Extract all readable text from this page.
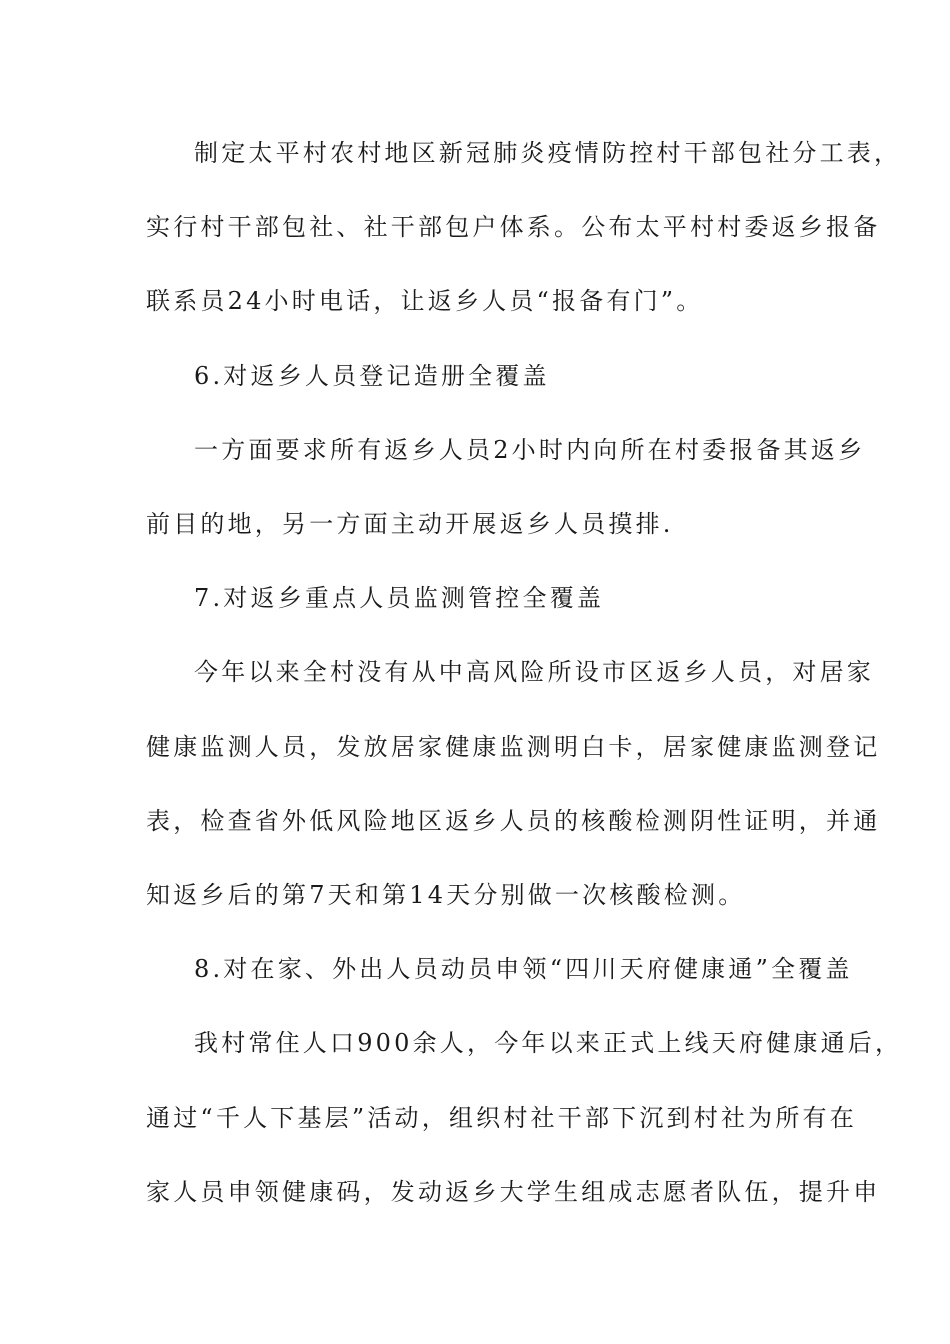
制定太平村农村地区新冠肺炎疫情防控村干部包社分工表，
实行村干部包社、社干部包户体系。公布太平村村委返乡报备
联系员24小时电话，让返乡人员“报备有门”。
6.对返乡人员登记造册全覆盖
一方面要求所有返乡人员2小时内向所在村委报备其返乡
前目的地，另一方面主动开展返乡人员摸排.
7.对返乡重点人员监测管控全覆盖
今年以来全村没有从中高风险所设市区返乡人员，对居家
健康监测人员，发放居家健康监测明白卡，居家健康监测登记
表，检查省外低风险地区返乡人员的核酸检测阴性证明，并通
知返乡后的第7天和第14天分别做一次核酸检测。
8.对在家、外出人员动员申领“四川天府健康通”全覆盖
我村常住人口900余人，今年以来正式上线天府健康通后，
通过“千人下基层”活动，组织村社干部下沉到村社为所有在
家人员申领健康码，发动返乡大学生组成志愿者队伍，提升申
